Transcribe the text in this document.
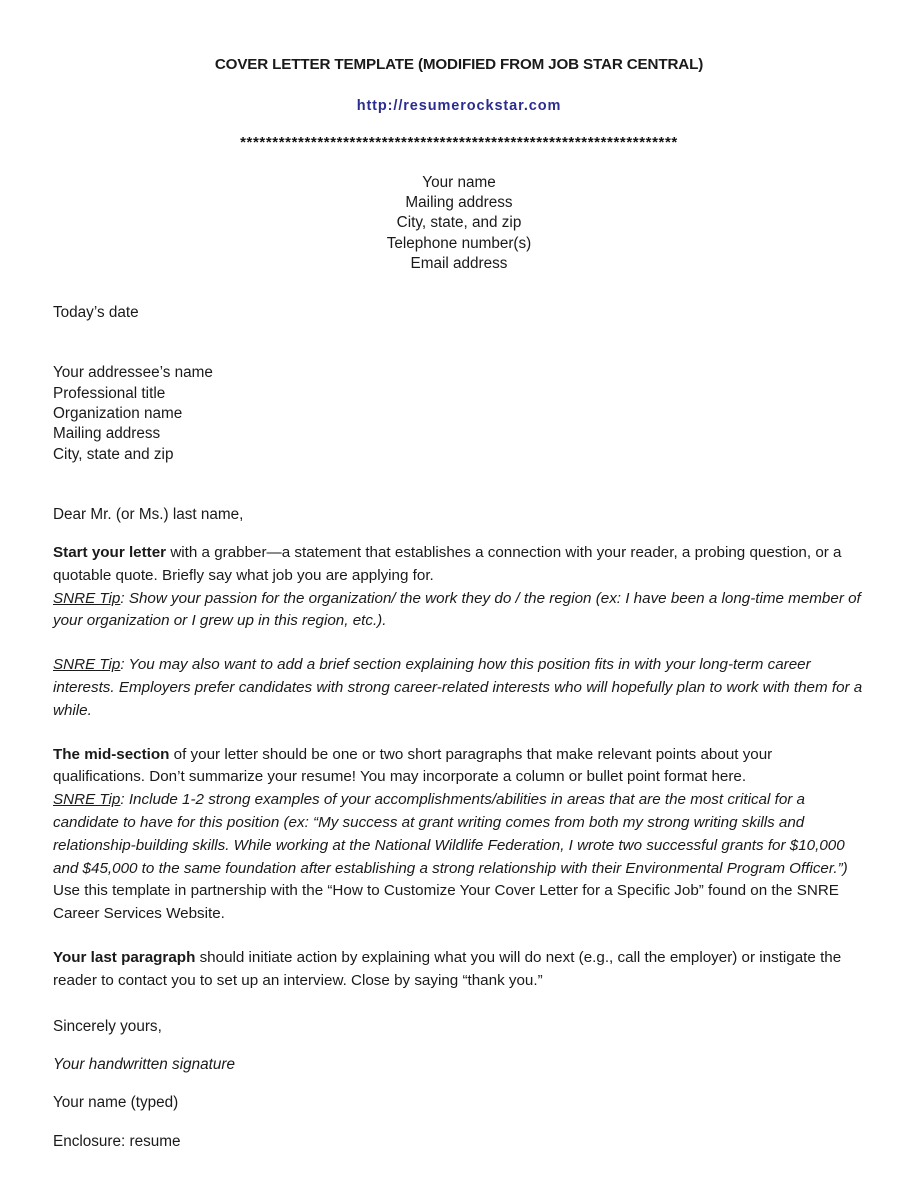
COVER LETTER TEMPLATE (MODIFIED FROM JOB STAR CENTRAL)

http://resumerockstar.com

********************************************************************
Your name
Mailing address
City, state, and zip
Telephone number(s)
Email address
Today’s date
Your addressee’s name
Professional title
Organization name
Mailing address
City, state and zip
Dear Mr. (or Ms.) last name,

Start your letter with a grabber—a statement that establishes a connection with your reader, a probing question, or a quotable quote. Briefly say what job you are applying for.

SNRE Tip: Show your passion for the organization/ the work they do / the region (ex: I have been a long-time member of your organization or I grew up in this region, etc.).

SNRE Tip: You may also want to add a brief section explaining how this position fits in with your long-term career interests. Employers prefer candidates with strong career-related interests who will hopefully plan to work with them for a while.

The mid-section of your letter should be one or two short paragraphs that make relevant points about your qualifications. Don’t summarize your resume! You may incorporate a column or bullet point format here.

SNRE Tip: Include 1-2 strong examples of your accomplishments/abilities in areas that are the most critical for a candidate to have for this position (ex: “My success at grant writing comes from both my strong writing skills and relationship-building skills. While working at the National Wildlife Federation, I wrote two successful grants for $10,000 and $45,000 to the same foundation after establishing a strong relationship with their Environmental Program Officer.”) Use this template in partnership with the “How to Customize Your Cover Letter for a Specific Job” found on the SNRE Career Services Website.

Your last paragraph should initiate action by explaining what you will do next (e.g., call the employer) or instigate the reader to contact you to set up an interview. Close by saying “thank you.”

Sincerely yours,
Your handwritten signature
Your name (typed)
Enclosure: resume
